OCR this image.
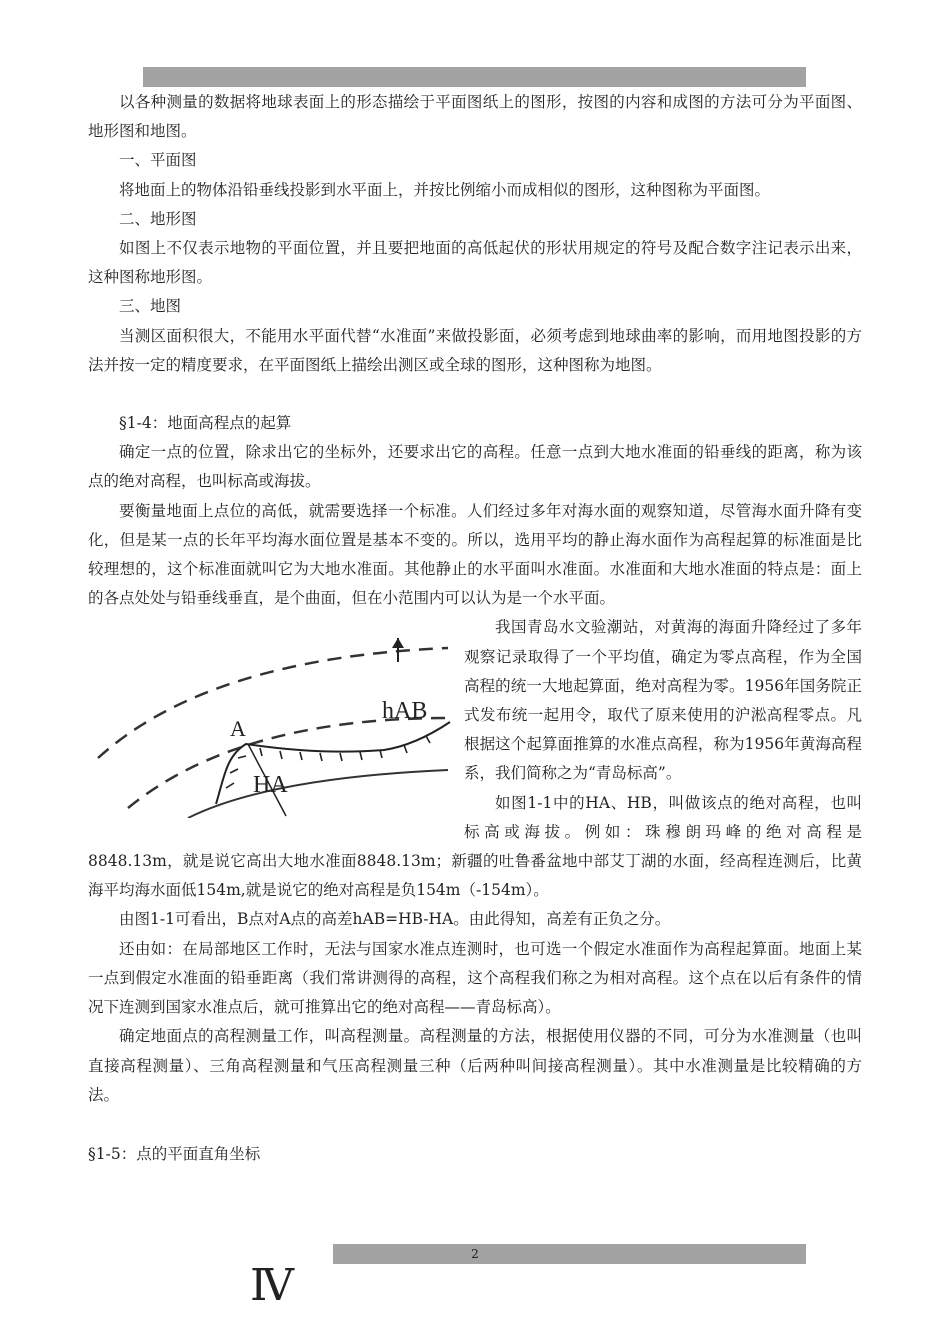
以各种测量的数据将地球表面上的形态描绘于平面图纸上的图形，按图的内容和成图的方法可分为平面图、地形图和地图。

一、平面图

将地面上的物体沿铅垂线投影到水平面上，并按比例缩小而成相似的图形，这种图称为平面图。

二、地形图

如图上不仅表示地物的平面位置，并且要把地面的高低起伏的形状用规定的符号及配合数字注记表示出来，这种图称地形图。

三、地图

当测区面积很大，不能用水平面代替“水准面”来做投影面，必须考虑到地球曲率的影响，而用地图投影的方法并按一定的精度要求，在平面图纸上描绘出测区或全球的图形，这种图称为地图。

§1-4：地面高程点的起算

确定一点的位置，除求出它的坐标外，还要求出它的高程。任意一点到大地水准面的铅垂线的距离，称为该点的绝对高程，也叫标高或海拔。

要衡量地面上点位的高低，就需要选择一个标准。人们经过多年对海水面的观察知道，尽管海水面升降有变化，但是某一点的长年平均海水面位置是基本不变的。所以，选用平均的静止海水面作为高程起算的标准面是比较理想的，这个标准面就叫它为大地水准面。其他静止的水平面叫水准面。水准面和大地水准面的特点是：面上的各点处处与铅垂线垂直，是个曲面，但在小范围内可以认为是一个水平面。

hAB
A
HA

我国青岛水文验潮站，对黄海的海面升降经过了多年观察记录取得了一个平均值，确定为零点高程，作为全国高程的统一大地起算面，绝对高程为零。1956年国务院正式发布统一起用令，取代了原来使用的沪淞高程零点。凡根据这个起算面推算的水准点高程，称为1956年黄海高程系，我们简称之为“青岛标高”。

如图1-1中的HA、HB，叫做该点的绝对高程，也叫标高或海拔。例如：珠穆朗玛峰的绝对高程是8848.13m，就是说它高出大地水准面8848.13m；新疆的吐鲁番盆地中部艾丁湖的水面，经高程连测后，比黄海平均海水面低154m,就是说它的绝对高程是负154m（-154m）。

由图1-1可看出，B点对A点的高差hAB=HB-HA。由此得知，高差有正负之分。

还由如：在局部地区工作时，无法与国家水准点连测时，也可选一个假定水准面作为高程起算面。地面上某一点到假定水准面的铅垂距离（我们常讲测得的高程，这个高程我们称之为相对高程。这个点在以后有条件的情况下连测到国家水准点后，就可推算出它的绝对高程——青岛标高）。

确定地面点的高程测量工作，叫高程测量。高程测量的方法，根据使用仪器的不同，可分为水准测量（也叫直接高程测量）、三角高程测量和气压高程测量三种（后两种叫间接高程测量）。其中水准测量是比较精确的方法。

§1-5：点的平面直角坐标

2
Ⅳ
